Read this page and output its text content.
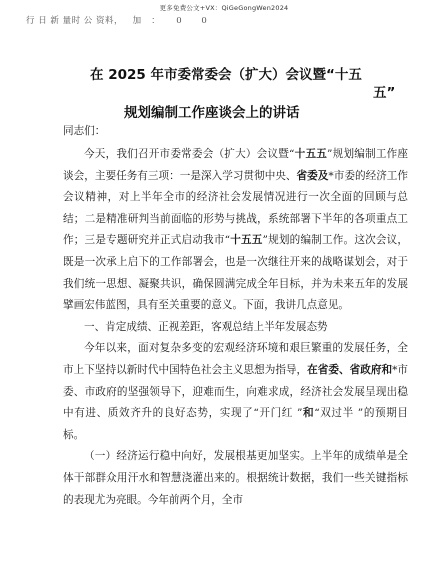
更多免费公文+VX：QiGeGongWen2024
行 日 新 量时 公 资料，   加   ：     0      0
在 2025 年市委常委会（扩大）会议暨“十五
五”
规划编制工作座谈会上的讲话
同志们：

今天，我们召开市委常委会（扩大）会议暨“十五五”规划编制工作座谈会，主要任务有三项：一是深入学习贯彻中央、省委及*市委的经济工作会议精神，对上半年全市的经济社会发展情况进行一次全面的回顾与总结；二是精准研判当前面临的形势与挑战，系统部署下半年的各项重点工作；三是专题研究并正式启动我市“十五五”规划的编制工作。这次会议，既是一次承上启下的工作部署会，也是一次继往开来的战略谋划会，对于我们统一思想、凝聚共识，确保圆满完成全年目标，并为未来五年的发展擘画宏伟蓝图，具有至关重要的意义。下面，我讲几点意见。

一、肯定成绩、正视差距，客观总结上半年发展态势

今年以来，面对复杂多变的宏观经济环境和艰巨繁重的发展任务，全市上下坚持以新时代中国特色社会主义思想为指导，在省委、省政府和*市委、市政府的坚强领导下，迎难而生，向难求成，经济社会发展呈现出稳中有进、质效齐升的良好态势，实现了“开门红 ”和“双过半 ”的预期目标。

（一）经济运行稳中向好，发展根基更加坚实。上半年的成绩单是全体干部群众用汗水和智慧浇灌出来的。根据统计数据，我们一些关键指标的表现尤为亮眼。今年前两个月，全市
